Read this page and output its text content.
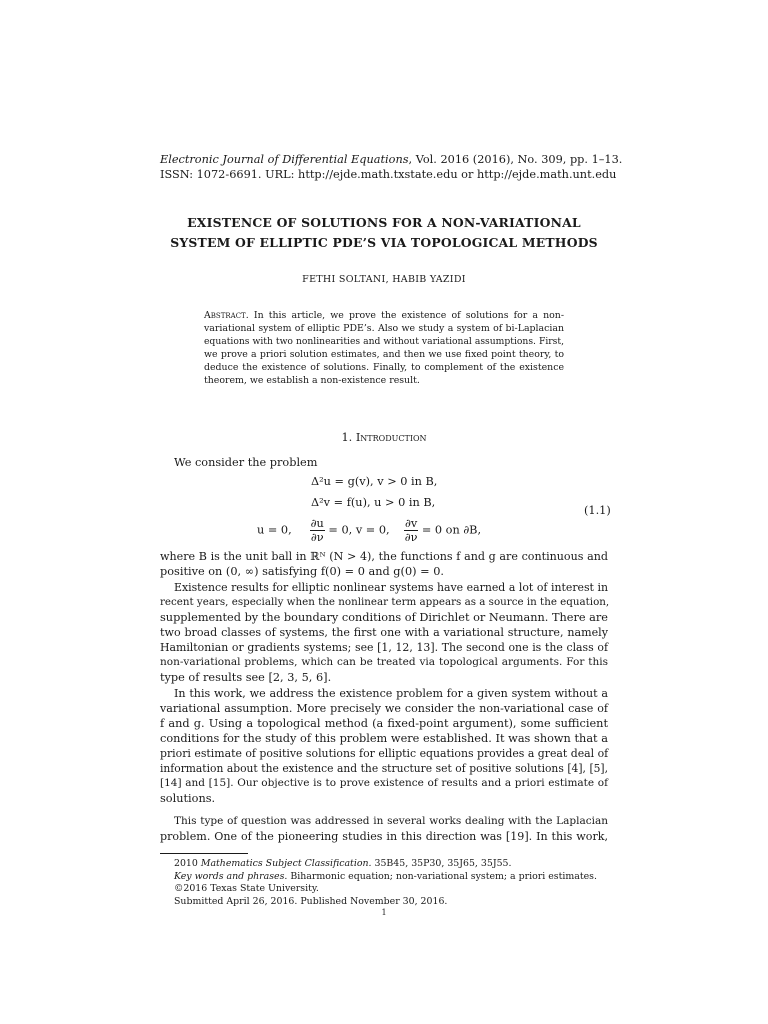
Electronic Journal of Differential Equations, Vol. 2016 (2016), No. 309, pp. 1–13.
ISSN: 1072-6691. URL: http://ejde.math.txstate.edu or http://ejde.math.unt.edu
EXISTENCE OF SOLUTIONS FOR A NON-VARIATIONAL
SYSTEM OF ELLIPTIC PDE’S VIA TOPOLOGICAL METHODS
FETHI SOLTANI, HABIB YAZIDI
Abstract. In this article, we prove the existence of solutions for a non-
variational system of elliptic PDE’s. Also we study a system of bi-Laplacian
equations with two nonlinearities and without variational assumptions. First,
we prove a priori solution estimates, and then we use fixed point theory, to
deduce the existence of solutions. Finally, to complement of the existence
theorem, we establish a non-existence result.
1. Introduction
We consider the problem
Δ²u = g(v), v > 0 in B,
Δ²v = f(u), u > 0 in B,
u = 0, $\frac{\partial u}{\partial\nu} = 0$, v = 0, $\frac{\partial v}{\partial\nu} = 0$ on ∂B,
(1.1)
where B is the unit ball in ℝᴺ (N > 4), the functions f and g are continuous and
positive on (0, ∞) satisfying f(0) = 0 and g(0) = 0.
Existence results for elliptic nonlinear systems have earned a lot of interest in
recent years, especially when the nonlinear term appears as a source in the equation,
supplemented by the boundary conditions of Dirichlet or Neumann. There are
two broad classes of systems, the first one with a variational structure, namely
Hamiltonian or gradients systems; see [1, 12, 13]. The second one is the class of
non-variational problems, which can be treated via topological arguments. For this
type of results see [2, 3, 5, 6].
In this work, we address the existence problem for a given system without a
variational assumption. More precisely we consider the non-variational case of
f and g. Using a topological method (a fixed-point argument), some sufficient
conditions for the study of this problem were established. It was shown that a
priori estimate of positive solutions for elliptic equations provides a great deal of
information about the existence and the structure set of positive solutions [4], [5],
[14] and [15]. Our objective is to prove existence of results and a priori estimate of
solutions.
This type of question was addressed in several works dealing with the Laplacian
problem. One of the pioneering studies in this direction was [19]. In this work,
2010 Mathematics Subject Classification. 35B45, 35P30, 35J65, 35J55.
Key words and phrases. Biharmonic equation; non-variational system; a priori estimates.
©2016 Texas State University.
Submitted April 26, 2016. Published November 30, 2016.
1
